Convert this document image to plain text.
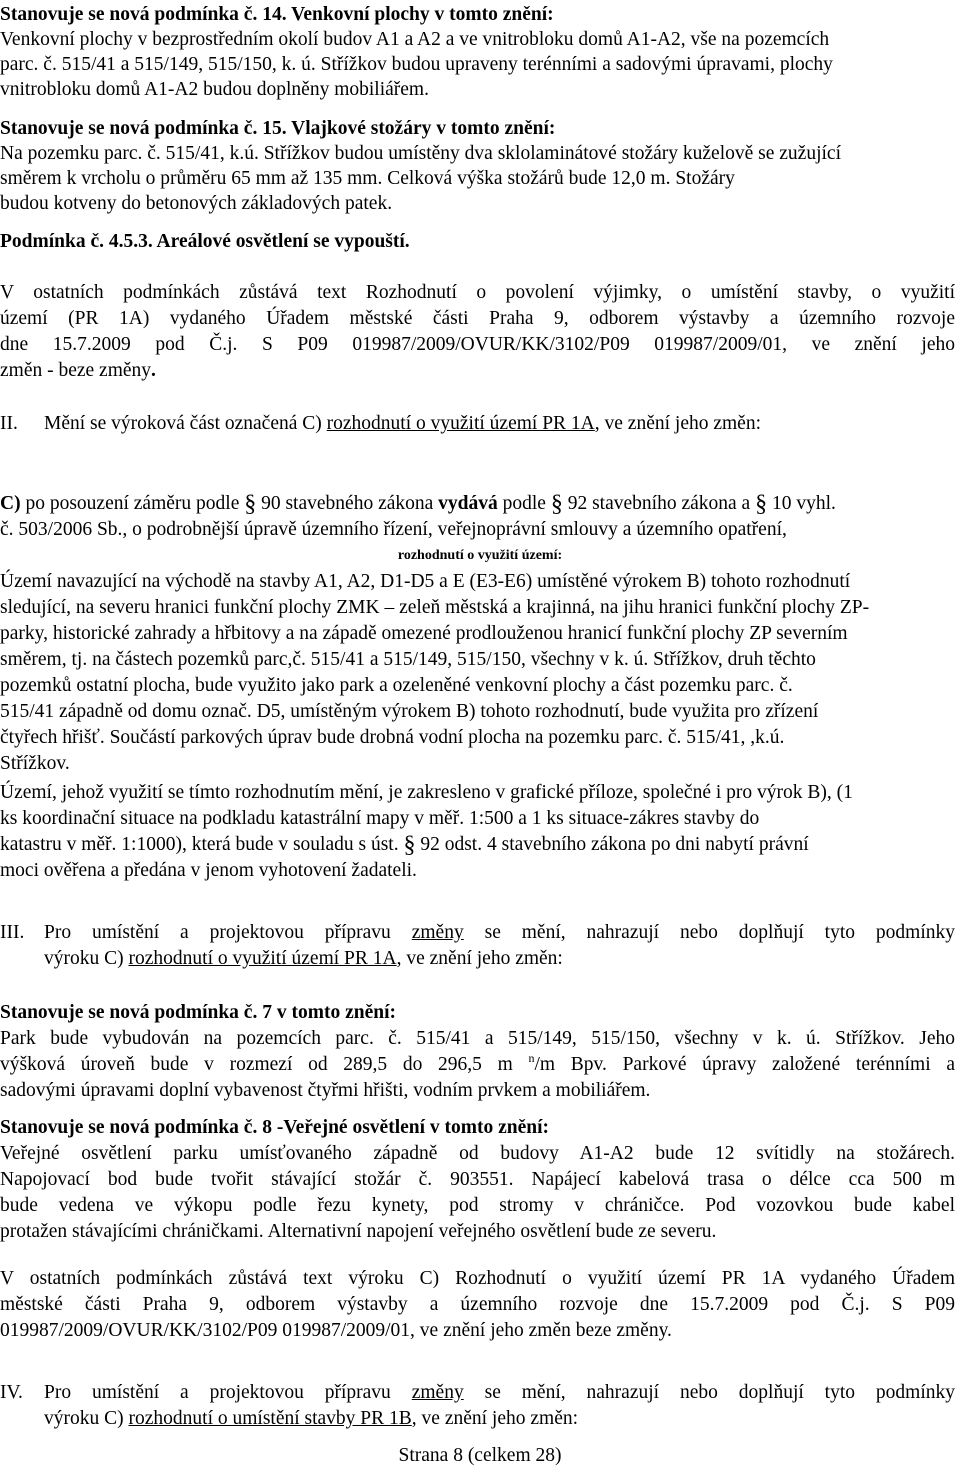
Stanovuje se nová podmínka č. 14. Venkovní plochy v tomto znění:
Venkovní plochy v bezprostředním okolí budov A1 a A2 a ve vnitrobloku domů A1-A2, vše na pozemcích
parc. č. 515/41 a 515/149, 515/150, k. ú. Střížkov budou upraveny terénními a sadovými úpravami, plochy
vnitrobloku domů A1-A2 budou doplněny mobiliářem.
Stanovuje se nová podmínka č. 15. Vlajkové stožáry v tomto znění:
Na pozemku parc. č. 515/41, k.ú. Střížkov budou umístěny dva sklolaminátové stožáry kuželově se zužující
směrem k vrcholu o průměru 65 mm až 135 mm. Celková výška stožárů bude 12,0 m. Stožáry
budou kotveny do betonových základových patek.
Podmínka č. 4.5.3. Areálové osvětlení se vypouští.
V ostatních podmínkách zůstává text Rozhodnutí o povolení výjimky, o umístění stavby, o využití
území (PR 1A) vydaného Úřadem městské části Praha 9, odborem výstavby a územního rozvoje
dne 15.7.2009 pod Č.j. S P09 019987/2009/OVUR/KK/3102/P09 019987/2009/01, ve znění jeho
změn - beze změny.
II. Mění se výroková část označená C) rozhodnutí o využití území PR 1A, ve znění jeho změn:
C) po posouzení záměru podle § 90 stavebného zákona vydává podle § 92 stavebního zákona a § 10 vyhl.
č. 503/2006 Sb., o podrobnější úpravě územního řízení, veřejnoprávní smlouvy a územního opatření,
rozhodnutí o využití území:
Území navazující na východě na stavby A1, A2, D1-D5 a E (E3-E6) umístěné výrokem B) tohoto rozhodnutí
sledující, na severu hranici funkční plochy ZMK – zeleň městská a krajinná, na jihu hranici funkční plochy ZP-
parky, historické zahrady a hřbitovy a na západě omezené prodlouženou hranicí funkční plochy ZP severním
směrem, tj. na částech pozemků parc,č. 515/41 a 515/149, 515/150, všechny v k. ú. Střížkov, druh těchto
pozemků ostatní plocha, bude využito jako park a ozeleněné venkovní plochy a část pozemku parc. č.
515/41 západně od domu označ. D5, umístěným výrokem B) tohoto rozhodnutí, bude využita pro zřízení
čtyřech hřišť. Součástí parkových úprav bude drobná vodní plocha na pozemku parc. č. 515/41, ,k.ú.
Střížkov.
Území, jehož využití se tímto rozhodnutím mění, je zakresleno v grafické příloze, společné i pro výrok B), (1
ks koordinační situace na podkladu katastrální mapy v měř. 1:500 a 1 ks situace-zákres stavby do
katastru v měř. 1:1000), která bude v souladu s úst. § 92 odst. 4 stavebního zákona po dni nabytí právní
moci ověřena a předána v jenom vyhotovení žadateli.
III. Pro umístění a projektovou přípravu změny se mění, nahrazují nebo doplňují tyto podmínky
výroku C) rozhodnutí o využití území PR 1A, ve znění jeho změn:
Stanovuje se nová podmínka č. 7 v tomto znění:
Park bude vybudován na pozemcích parc. č. 515/41 a 515/149, 515/150, všechny v k. ú. Střížkov. Jeho
výšková úroveň bude v rozmezí od 289,5 do 296,5 m $^n$/m Bpv. Parkové úpravy založené terénními a
sadovými úpravami doplní vybavenost čtyřmi hřišti, vodním prvkem a mobiliářem.
Stanovuje se nová podmínka č. 8 -Veřejné osvětlení v tomto znění:
Veřejné osvětlení parku umísťovaného západně od budovy A1-A2 bude 12 svítidly na stožárech.
Napojovací bod bude tvořit stávající stožár č. 903551. Napájecí kabelová trasa o délce cca 500 m
bude vedena ve výkopu podle řezu kynety, pod stromy v chráničce. Pod vozovkou bude kabel
protažen stávajícími chráničkami. Alternativní napojení veřejného osvětlení bude ze severu.
V ostatních podmínkách zůstává text výroku C) Rozhodnutí o využití území PR 1A vydaného Úřadem
městské části Praha 9, odborem výstavby a územního rozvoje dne 15.7.2009 pod Č.j. S P09
019987/2009/OVUR/KK/3102/P09 019987/2009/01, ve znění jeho změn beze změny.
IV. Pro umístění a projektovou přípravu změny se mění, nahrazují nebo doplňují tyto podmínky
výroku C) rozhodnutí o umístění stavby PR 1B, ve znění jeho změn:
Strana 8 (celkem 28)
